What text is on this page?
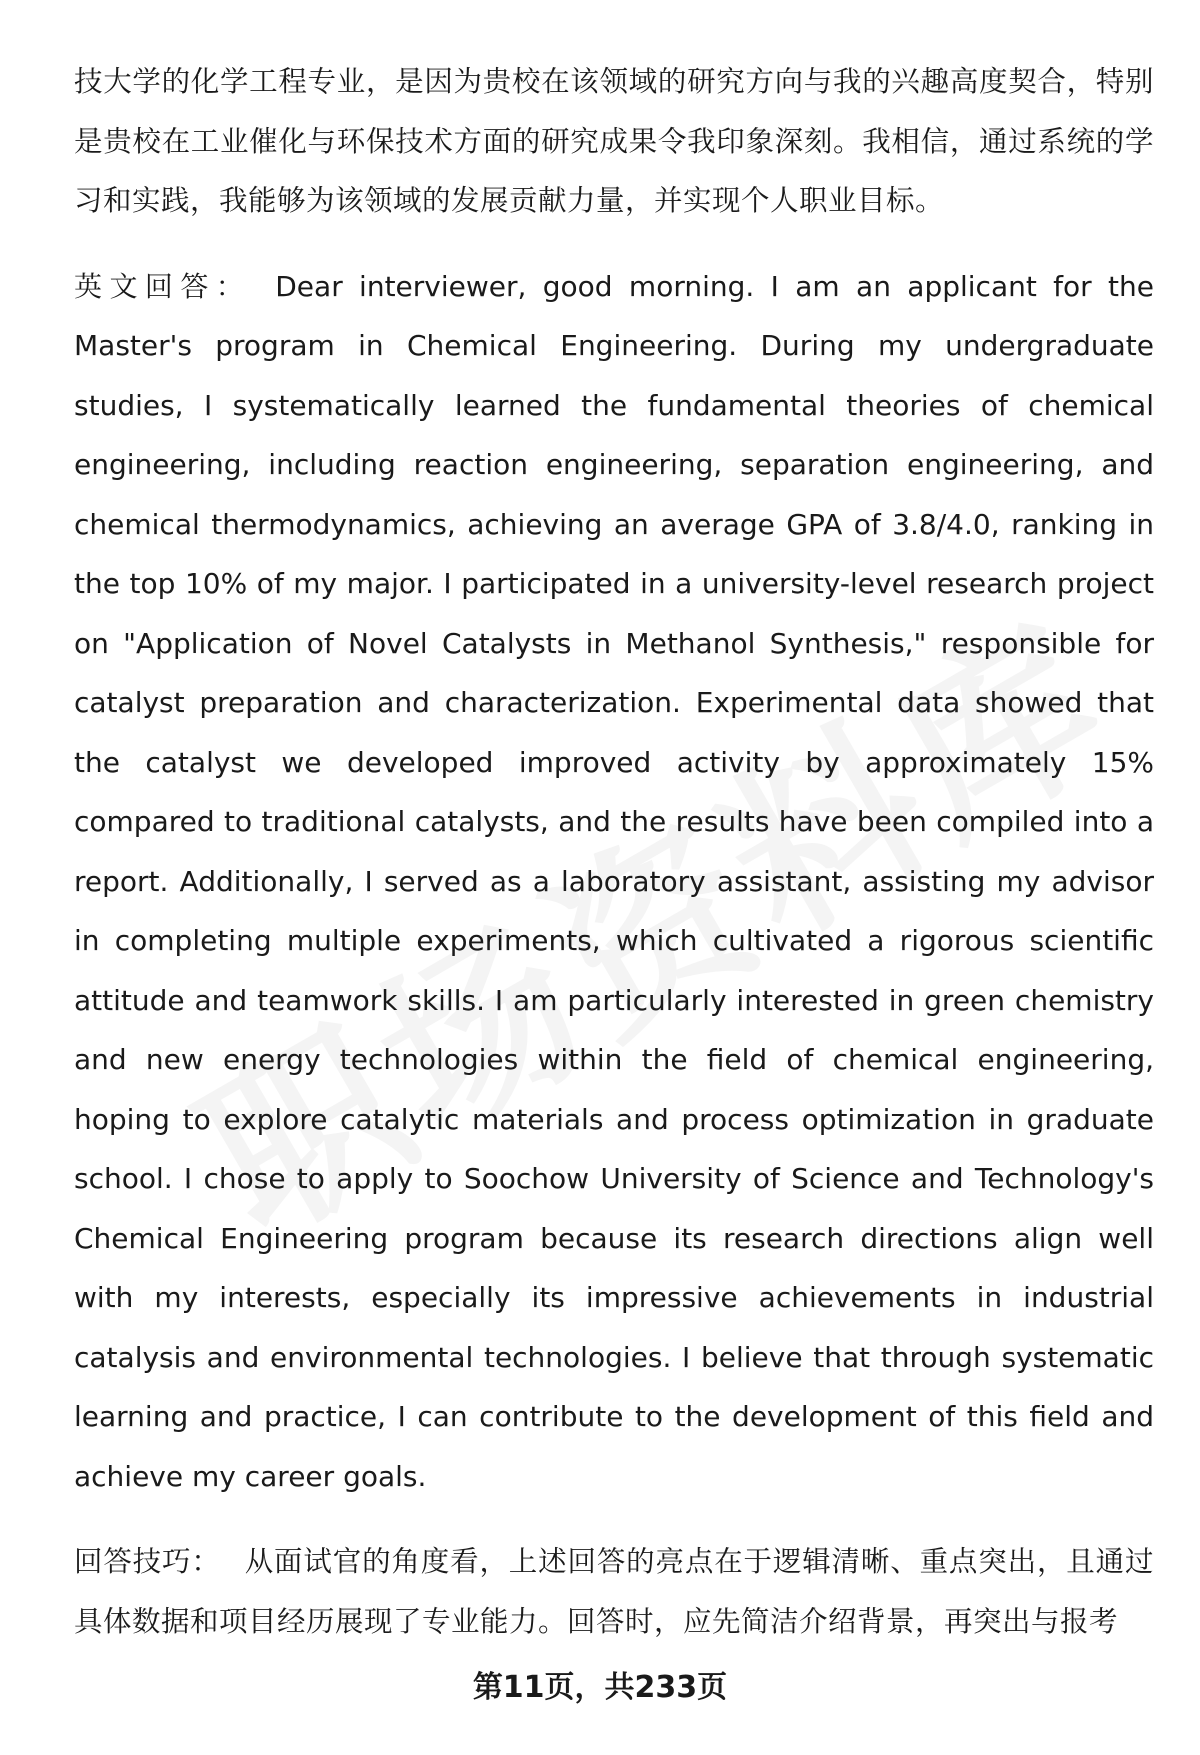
技大学的化学工程专业，是因为贵校在该领域的研究方向与我的兴趣高度契合，特别是贵校在工业催化与环保技术方面的研究成果令我印象深刻。我相信，通过系统的学习和实践，我能够为该领域的发展贡献力量，并实现个人职业目标。

英文回答： Dear interviewer, good morning. I am an applicant for the Master's program in Chemical Engineering. During my undergraduate studies, I systematically learned the fundamental theories of chemical engineering, including reaction engineering, separation engineering, and chemical thermodynamics, achieving an average GPA of 3.8/4.0, ranking in the top 10% of my major. I participated in a university-level research project on "Application of Novel Catalysts in Methanol Synthesis," responsible for catalyst preparation and characterization. Experimental data showed that the catalyst we developed improved activity by approximately 15% compared to traditional catalysts, and the results have been compiled into a report. Additionally, I served as a laboratory assistant, assisting my advisor in completing multiple experiments, which cultivated a rigorous scientific attitude and teamwork skills. I am particularly interested in green chemistry and new energy technologies within the field of chemical engineering, hoping to explore catalytic materials and process optimization in graduate school. I chose to apply to Soochow University of Science and Technology's Chemical Engineering program because its research directions align well with my interests, especially its impressive achievements in industrial catalysis and environmental technologies. I believe that through systematic learning and practice, I can contribute to the development of this field and achieve my career goals.

回答技巧： 从面试官的角度看，上述回答的亮点在于逻辑清晰、重点突出，且通过具体数据和项目经历展现了专业能力。回答时，应先简洁介绍背景，再突出与报考

第11页，共233页
